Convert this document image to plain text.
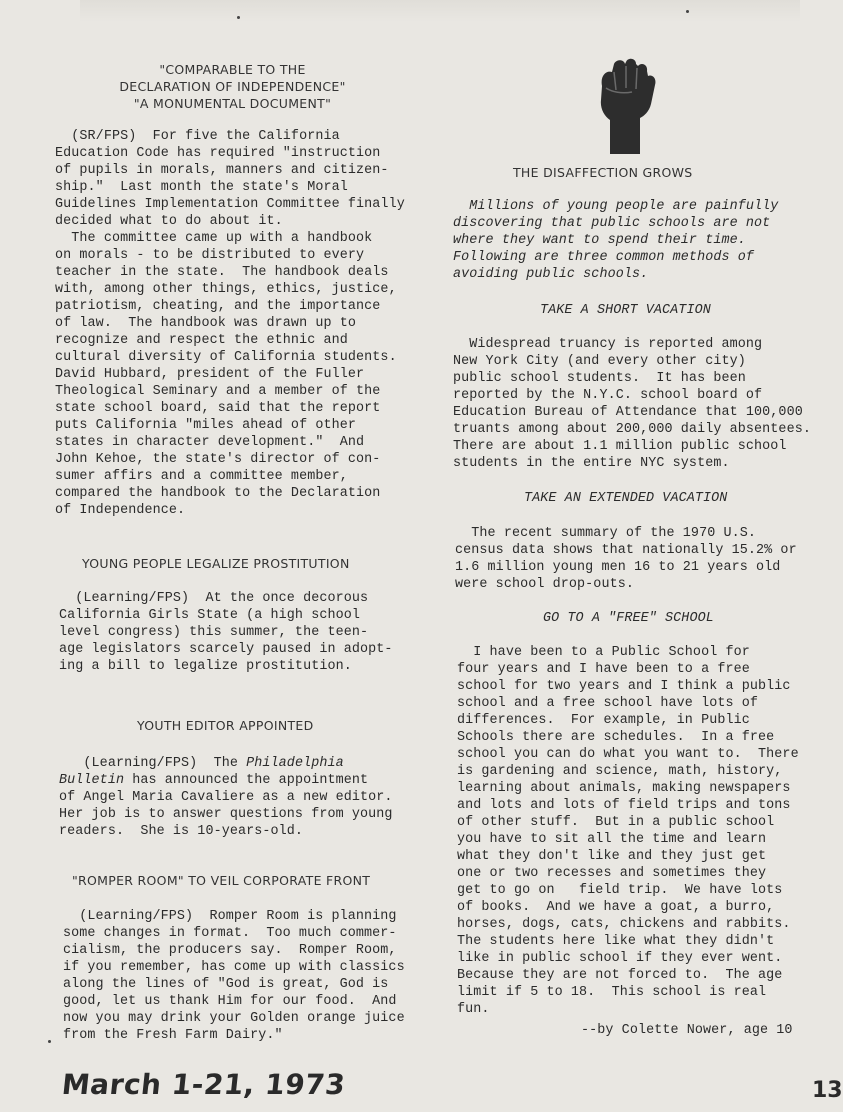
"COMPARABLE TO THE

DECLARATION OF INDEPENDENCE"

"A MONUMENTAL DOCUMENT"

(SR/FPS)  For five the California
Education Code has required "instruction
of pupils in morals, manners and citizen-
ship."  Last month the state's Moral
Guidelines Implementation Committee finally
decided what to do about it.
The committee came up with a handbook
on morals - to be distributed to every
teacher in the state.  The handbook deals
with, among other things, ethics, justice,
patriotism, cheating, and the importance
of law.  The handbook was drawn up to
recognize and respect the ethnic and
cultural diversity of California students.
David Hubbard, president of the Fuller
Theological Seminary and a member of the
state school board, said that the report
puts California "miles ahead of other
states in character development."  And
John Kehoe, the state's director of con-
sumer affirs and a committee member,
compared the handbook to the Declaration
of Independence.

YOUNG PEOPLE LEGALIZE PROSTITUTION

(Learning/FPS)  At the once decorous
California Girls State (a high school
level congress) this summer, the teen-
age legislators scarcely paused in adopt-
ing a bill to legalize prostitution.

YOUTH EDITOR APPOINTED

(Learning/FPS)  The Philadelphia
Bulletin has announced the appointment
of Angel Maria Cavaliere as a new editor.
Her job is to answer questions from young
readers.  She is 10-years-old.

"ROMPER ROOM" TO VEIL CORPORATE FRONT

(Learning/FPS)  Romper Room is planning
some changes in format.  Too much commer-
cialism, the producers say.  Romper Room,
if you remember, has come up with classics
along the lines of "God is great, God is
good, let us thank Him for our food.  And
now you may drink your Golden orange juice
from the Fresh Farm Dairy."

THE DISAFFECTION GROWS

Millions of young people are painfully
discovering that public schools are not
where they want to spend their time.
Following are three common methods of
avoiding public schools.

TAKE A SHORT VACATION

Widespread truancy is reported among
New York City (and every other city)
public school students.  It has been
reported by the N.Y.C. school board of
Education Bureau of Attendance that 100,000
truants among about 200,000 daily absentees.
There are about 1.1 million public school
students in the entire NYC system.

TAKE AN EXTENDED VACATION

The recent summary of the 1970 U.S.
census data shows that nationally 15.2% or
1.6 million young men 16 to 21 years old
were school drop-outs.

GO TO A "FREE" SCHOOL

I have been to a Public School for
four years and I have been to a free
school for two years and I think a public
school and a free school have lots of
differences.  For example, in Public
Schools there are schedules.  In a free
school you can do what you want to.  There
is gardening and science, math, history,
learning about animals, making newspapers
and lots and lots of field trips and tons
of other stuff.  But in a public school
you have to sit all the time and learn
what they don't like and they just get
one or two recesses and sometimes they
get to go on   field trip.  We have lots
of books.  And we have a goat, a burro,
horses, dogs, cats, chickens and rabbits.
The students here like what they didn't
like in public school if they ever went.
Because they are not forced to.  The age
limit if 5 to 18.  This school is real
fun.

--by Colette Nower, age 10

March 1-21, 1973	13
